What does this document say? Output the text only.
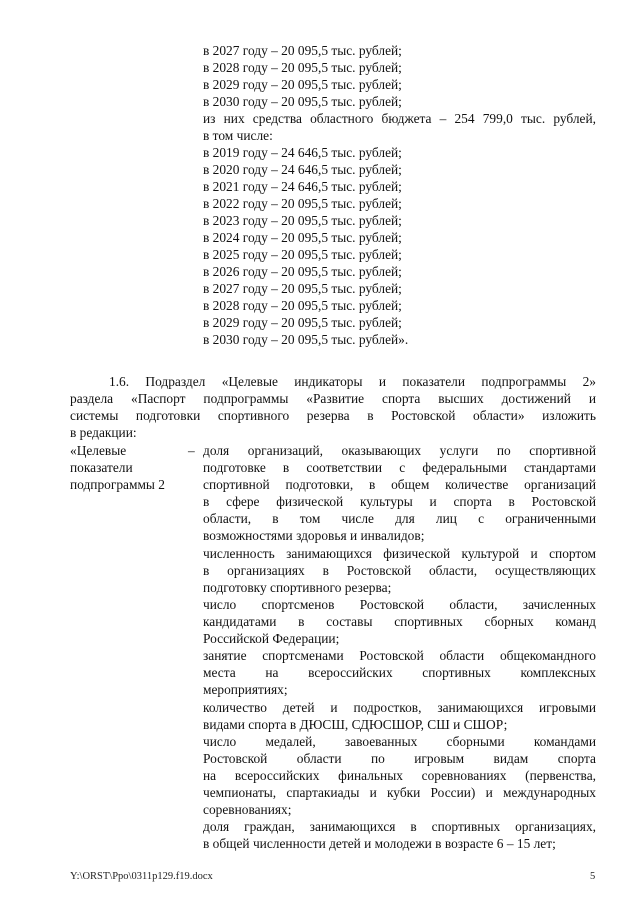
в 2027 году – 20 095,5 тыс. рублей;
в 2028 году – 20 095,5 тыс. рублей;
в 2029 году – 20 095,5 тыс. рублей;
в 2030 году – 20 095,5 тыс. рублей;
из них средства областного бюджета – 254 799,0 тыс. рублей,
в том числе:
в 2019 году – 24 646,5 тыс. рублей;
в 2020 году – 24 646,5 тыс. рублей;
в 2021 году – 24 646,5 тыс. рублей;
в 2022 году – 20 095,5 тыс. рублей;
в 2023 году – 20 095,5 тыс. рублей;
в 2024 году – 20 095,5 тыс. рублей;
в 2025 году – 20 095,5 тыс. рублей;
в 2026 году – 20 095,5 тыс. рублей;
в 2027 году – 20 095,5 тыс. рублей;
в 2028 году – 20 095,5 тыс. рублей;
в 2029 году – 20 095,5 тыс. рублей;
в 2030 году – 20 095,5 тыс. рублей».
1.6. Подраздел «Целевые индикаторы и показатели подпрограммы 2»
раздела «Паспорт подпрограммы «Развитие спорта высших достижений и
системы подготовки спортивного резерва в Ростовской области» изложить
в редакции:
«Целевые
показатели
подпрограммы 2
– доля организаций, оказывающих услуги по спортивной
подготовке в соответствии с федеральными стандартами
спортивной подготовки, в общем количестве организаций
в сфере физической культуры и спорта в Ростовской
области, в том числе для лиц с ограниченными
возможностями здоровья и инвалидов;
численность занимающихся физической культурой и спортом
в организациях в Ростовской области, осуществляющих
подготовку спортивного резерва;
число спортсменов Ростовской области, зачисленных
кандидатами в составы спортивных сборных команд
Российской Федерации;
занятие спортсменами Ростовской области общекомандного
места на всероссийских спортивных комплексных
мероприятиях;
количество детей и подростков, занимающихся игровыми
видами спорта в ДЮСШ, СДЮСШОР, СШ и СШОР;
число медалей, завоеванных сборными командами
Ростовской области по игровым видам спорта
на всероссийских финальных соревнованиях (первенства,
чемпионаты, спартакиады и кубки России) и международных
соревнованиях;
доля граждан, занимающихся в спортивных организациях,
в общей численности детей и молодежи в возрасте 6 – 15 лет;
Y:\ORST\Ppo\0311p129.f19.docx	5
